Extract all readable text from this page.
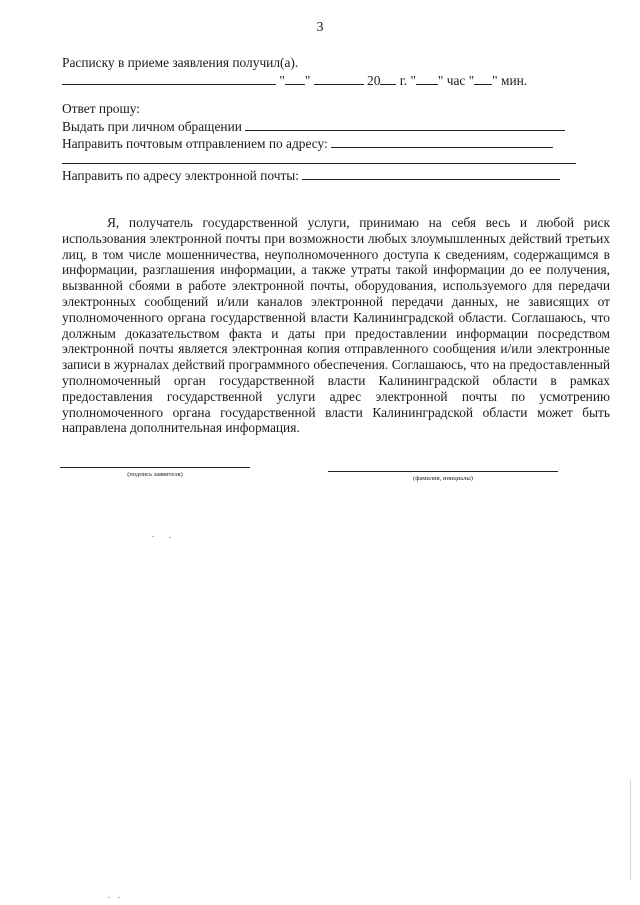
3
Расписку в приеме заявления получил(а).
" "	20 г. " " час " " мин.
Ответ прошу:
Выдать при личном обращении
Направить почтовым отправлением по адресу:
Направить по адресу электронной почты:

Я, получатель государственной услуги, принимаю на себя весь и любой риск использования электронной почты при возможности любых злоумышленных действий третьих лиц, в том числе мошенничества, неуполномоченного доступа к сведениям, содержащимся в информации, разглашения информации, а также утраты такой информации до ее получения, вызванной сбоями в работе электронной почты, оборудования, используемого для передачи электронных сообщений и/или каналов электронной передачи данных, не зависящих от уполномоченного органа государственной власти Калининградской области. Соглашаюсь, что должным доказательством факта и даты при предоставлении информации посредством электронной почты является электронная копия отправленного сообщения и/или электронные записи в журналах действий программного обеспечения. Соглашаюсь, что на предоставленный уполномоченный орган государственной власти Калининградской области в рамках предоставления государственной услуги адрес электронной почты по усмотрению уполномоченного органа государственной власти Калининградской области может быть направлена дополнительная информация.

(подпись заявителя)
(фамилия, инициалы)
